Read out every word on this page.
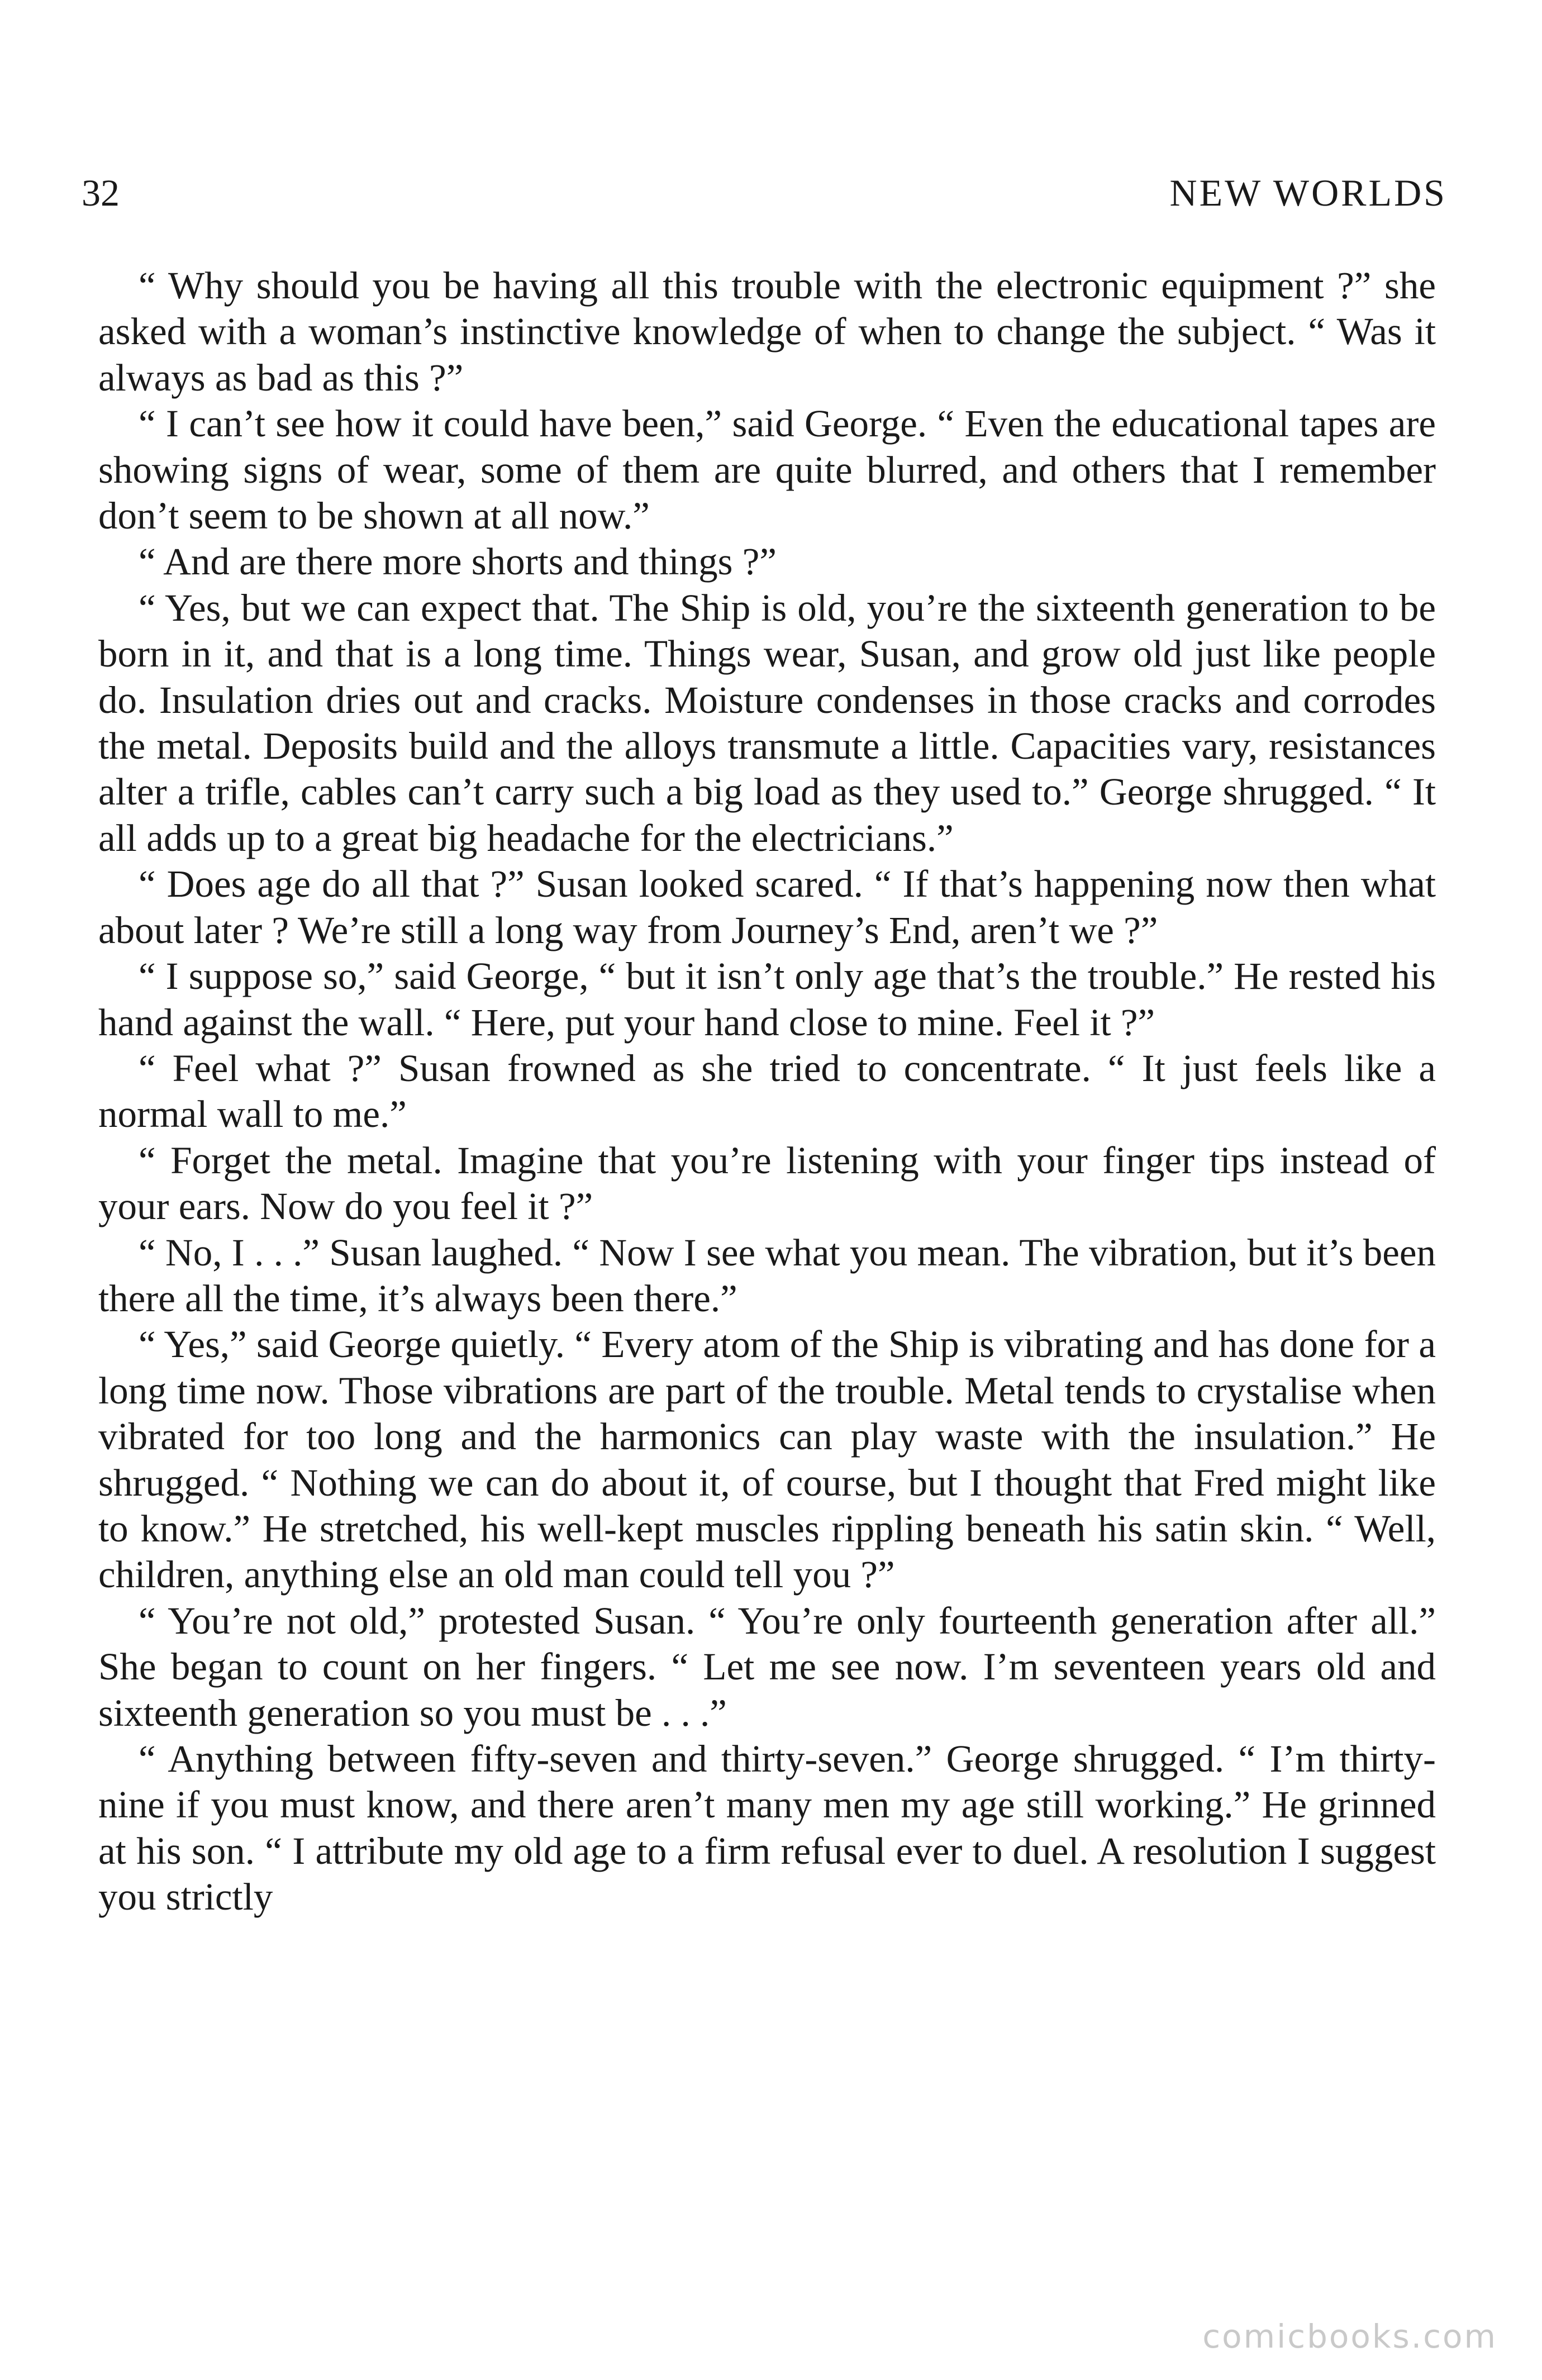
32	NEW WORLDS

“ Why should you be having all this trouble with the electronic equipment ?” she asked with a woman’s instinctive knowledge of when to change the subject. “ Was it always as bad as this ?”

“ I can’t see how it could have been,” said George. “ Even the educational tapes are showing signs of wear, some of them are quite blurred, and others that I remember don’t seem to be shown at all now.”

“ And are there more shorts and things ?”

“ Yes, but we can expect that. The Ship is old, you’re the sixteenth generation to be born in it, and that is a long time. Things wear, Susan, and grow old just like people do. Insulation dries out and cracks. Moisture condenses in those cracks and corrodes the metal. Deposits build and the alloys transmute a little. Capacities vary, resistances alter a trifle, cables can’t carry such a big load as they used to.” George shrugged. “ It all adds up to a great big headache for the electricians.”

“ Does age do all that ?” Susan looked scared. “ If that’s happening now then what about later ? We’re still a long way from Journey’s End, aren’t we ?”

“ I suppose so,” said George, “ but it isn’t only age that’s the trouble.” He rested his hand against the wall. “ Here, put your hand close to mine. Feel it ?”

“ Feel what ?” Susan frowned as she tried to concentrate. “ It just feels like a normal wall to me.”

“ Forget the metal. Imagine that you’re listening with your finger tips instead of your ears. Now do you feel it ?”

“ No, I . . .” Susan laughed. “ Now I see what you mean. The vibration, but it’s been there all the time, it’s always been there.”

“ Yes,” said George quietly. “ Every atom of the Ship is vibrating and has done for a long time now. Those vibrations are part of the trouble. Metal tends to crystalise when vibrated for too long and the harmonics can play waste with the insulation.” He shrugged. “ Nothing we can do about it, of course, but I thought that Fred might like to know.” He stretched, his well-kept muscles rippling beneath his satin skin. “ Well, children, anything else an old man could tell you ?”

“ You’re not old,” protested Susan. “ You’re only fourteenth generation after all.” She began to count on her fingers. “ Let me see now. I’m seventeen years old and sixteenth generation so you must be . . .”

“ Anything between fifty-seven and thirty-seven.” George shrugged. “ I’m thirty-nine if you must know, and there aren’t many men my age still working.” He grinned at his son. “ I attribute my old age to a firm refusal ever to duel. A resolution I suggest you strictly

comicbooks.com
